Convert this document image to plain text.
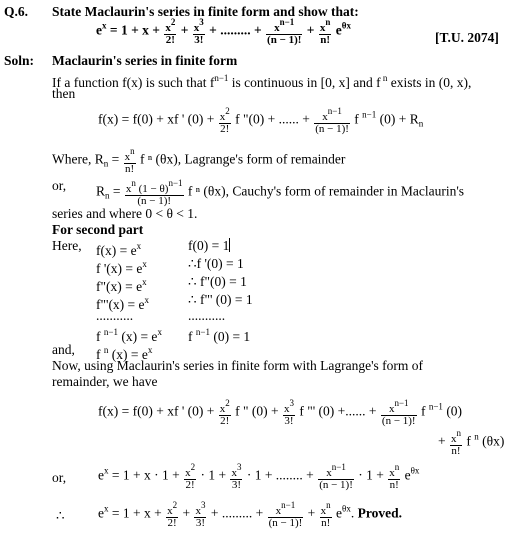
Q.6. State Maclaurin's series in finite form and show that:
$e^x = 1 + x + \frac{x^2}{2!} + \frac{x^3}{3!}$ + ......... + $\frac{x^{n-1}}{(n - 1)!} + \frac{x^n}{n!} e^{\theta x}$
[T.U. 2074]
Soln: Maclaurin's series in finite form
If a function f(x) is such that $f^{n-1}$ is continuous in [0, x] and f $^n$ exists in (0, x),
then
f(x) = f(0) + xf ' $(0) + \frac{x^2}{2!}$ f "(0) + ...... + $\frac{x^{n-1}}{(n - 1)!}$ f $^{n-1}$ $(0) + R_n$
Where, $R_n = \frac{x^n}{n!}$ f ⁿ (θx), Lagrange's form of remainder
or, $R_n = \frac{x^n (1 - \theta)^{n-1}}{(n - 1)!}$ f ⁿ (θx), Cauchy's form of remainder in Maclaurin's
series and where 0 < θ < 1.
For second part
Here, $f(x) = e^x$	f(0) = 1
f '$(x) = e^x$	∴f '(0) = 1
f"(x) = $e^x$	∴ f"(0) = 1
f"'(x) = $e^x$	∴ f"' (0) = 1
...........	...........
f $^{n-1}$ $(x) = e^x$ f $^{n-1}$ (0) = 1
and, f $^n$ $(x) = e^x$
Now, using Maclaurin's series in finite form with Lagrange's form of
remainder, we have
f(x) = f(0) + xf ' $(0) + \frac{x^2}{2!}$ f " $(0) + \frac{x^3}{3!}$ f "' (0) +...... + $\frac{x^{n-1}}{(n - 1)!}$ f $^{n-1}$ (0)
+ $\frac{x^n}{n!}$ f $^n$ (θx)
or, $e^x = 1 + x \cdot 1 + \frac{x^2}{2!} \cdot 1 + \frac{x^3}{3!} \cdot 1$ + ........ + $\frac{x^{n-1}}{(n - 1)!} \cdot 1 + \frac{x^n}{n!} e^{\theta x}$
∴ $e^x = 1 + x + \frac{x^2}{2!} + \frac{x^3}{3!}$ + ......... + $\frac{x^{n-1}}{(n - 1)!} + \frac{x^n}{n!} e^{\theta x}$. Proved.
